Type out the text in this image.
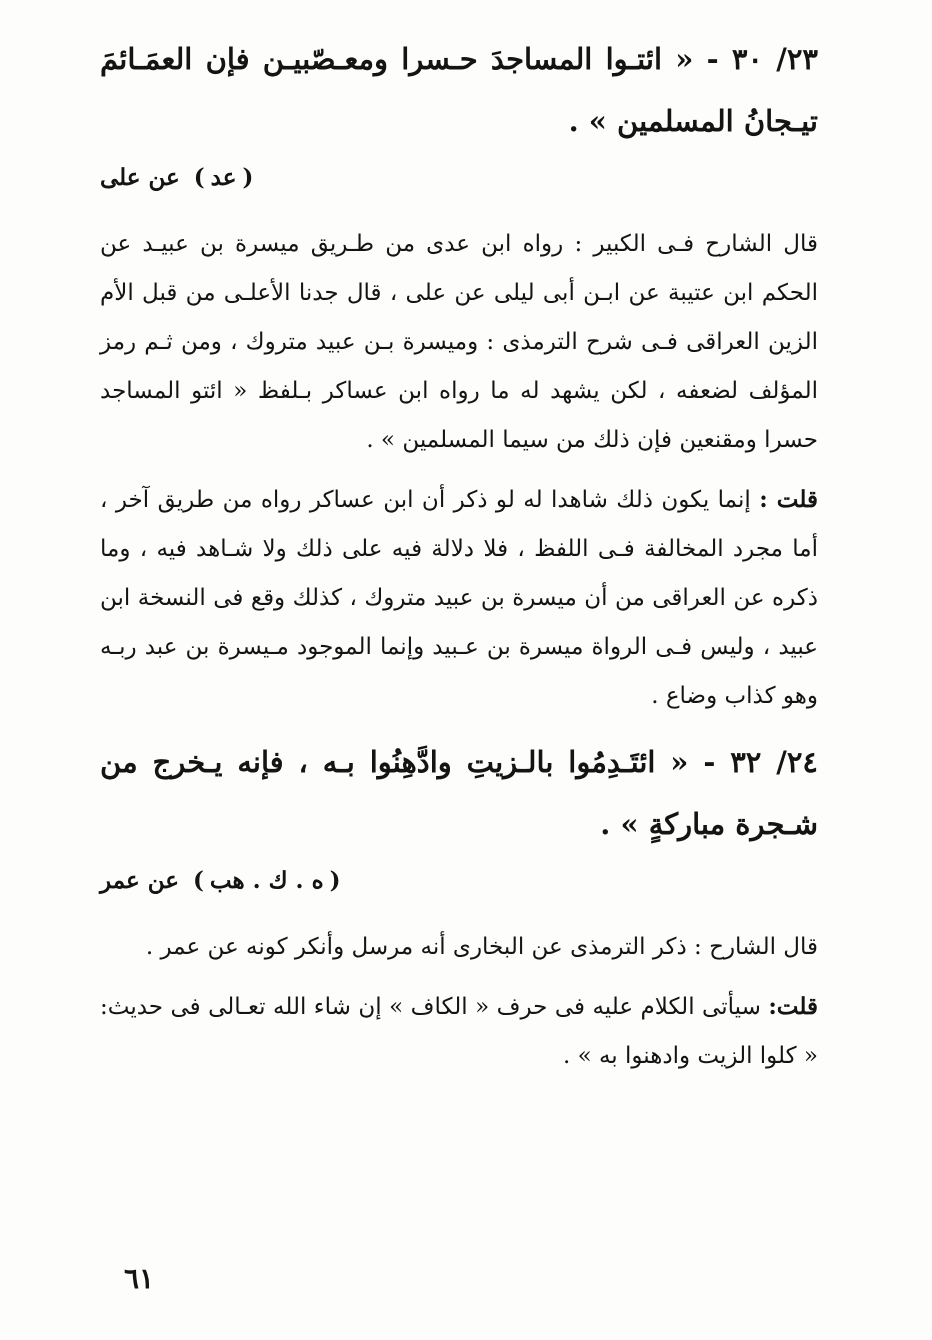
٢٣/ ٣٠ - « ائتـوا المساجدَ حـسرا ومعـصّبيـن فإن العمَـائمَ تيـجانُ المسلمين » .

(عد) عن على

قال الشارح فـى الكبير : رواه ابن عدى من طـريق ميسرة بن عبيـد عن الحكم ابن عتيبة عن ابـن أبى ليلى عن على ، قال جدنا الأعلـى من قبل الأم الزين العراقى فـى شرح الترمذى : وميسرة بـن عبيد متروك ، ومن ثـم رمز المؤلف لضعفه ، لكن يشهد له ما رواه ابن عساكر بـلفظ « ائتو المساجد حسرا ومقنعين فإن ذلك من سيما المسلمين » .

قلت : إنما يكون ذلك شاهدا له لو ذكر أن ابن عساكر رواه من طريق آخر ، أما مجرد المخالفة فـى اللفظ ، فلا دلالة فيه على ذلك ولا شـاهد فيه ، وما ذكره عن العراقى من أن ميسرة بن عبيد متروك ، كذلك وقع فى النسخة ابن عبيد ، وليس فـى الرواة ميسرة بن عـبيد وإنما الموجود مـيسرة بن عبد ربـه وهو كذاب وضاع .

٢٤/ ٣٢ - « ائتَـدِمُوا بالـزيتِ وادَّهِنُوا بـه ، فإنه يـخرج من شـجرة مباركةٍ » .

(ه . ك . هب) عن عمر

قال الشارح : ذكر الترمذى عن البخارى أنه مرسل وأنكر كونه عن عمر .

قلت: سيأتى الكلام عليه فى حرف « الكاف » إن شاء الله تعـالى فى حديث: « كلوا الزيت وادهنوا به » .

٦١
